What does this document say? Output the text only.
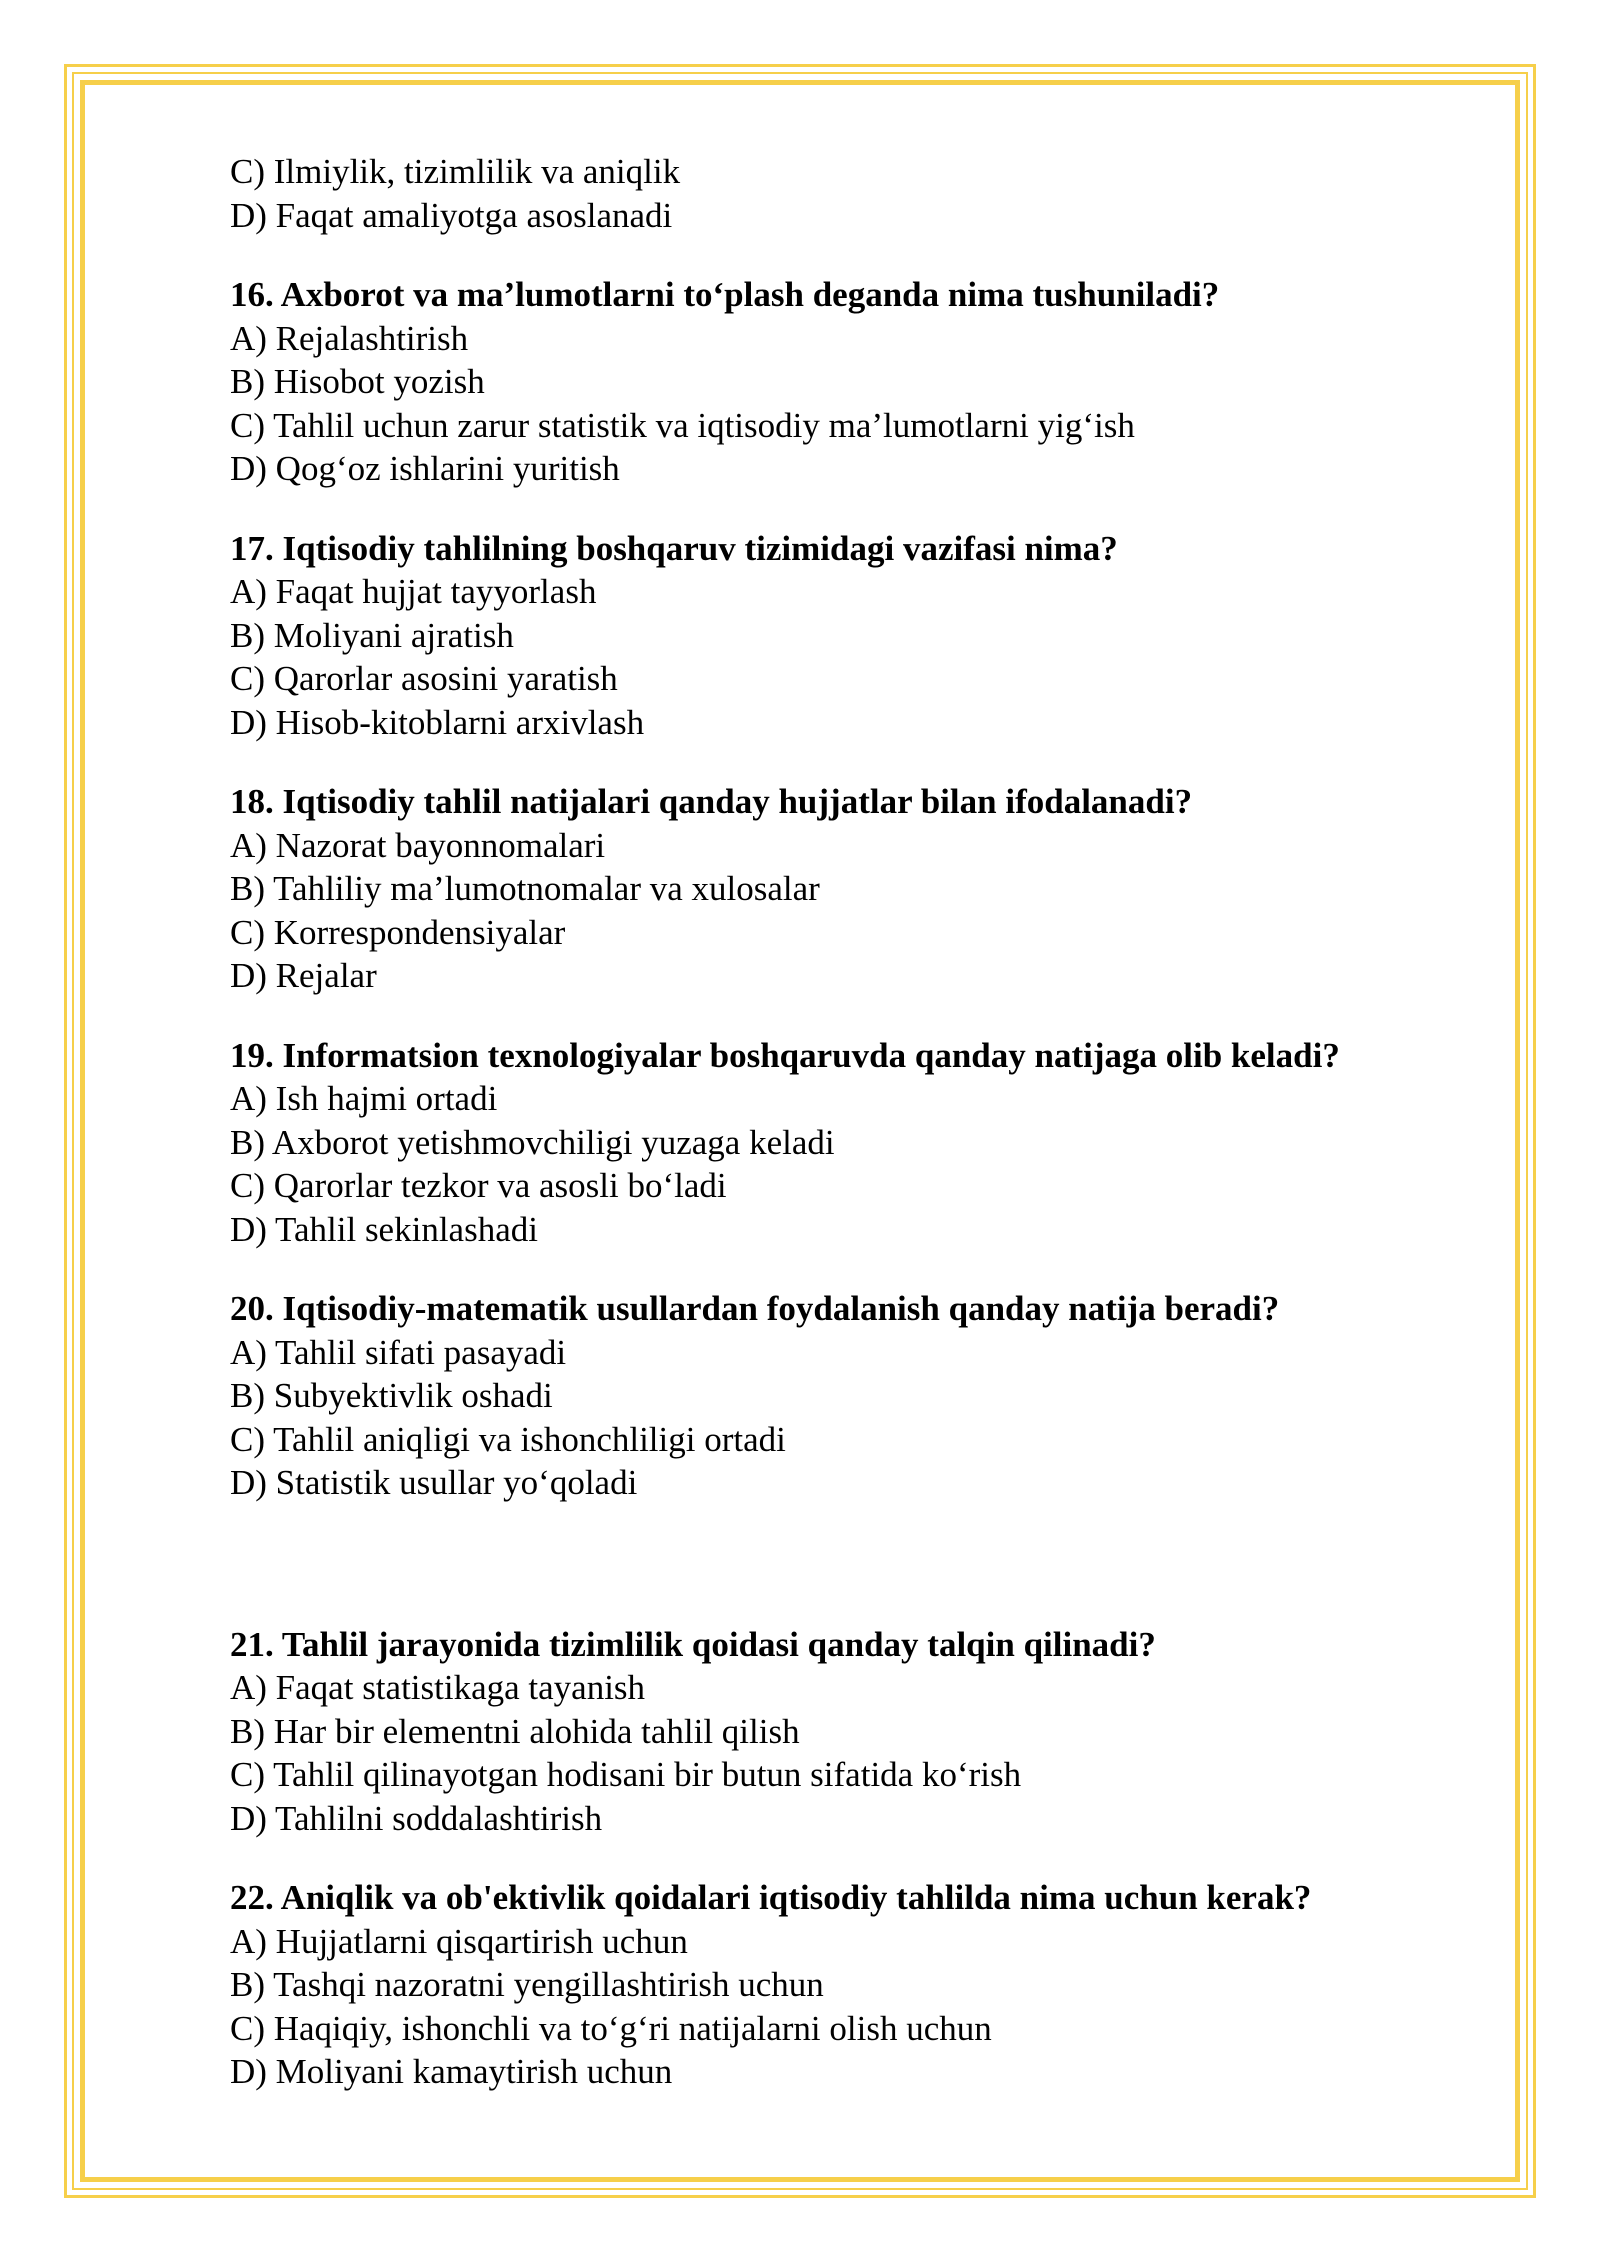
C) Ilmiylik, tizimlilik va aniqlik
D) Faqat amaliyotga asoslanadi
16. Axborot va ma’lumotlarni to‘plash deganda nima tushuniladi?
A) Rejalashtirish
B) Hisobot yozish
C) Tahlil uchun zarur statistik va iqtisodiy ma’lumotlarni yig‘ish
D) Qog‘oz ishlarini yuritish
17. Iqtisodiy tahlilning boshqaruv tizimidagi vazifasi nima?
A) Faqat hujjat tayyorlash
B) Moliyani ajratish
C) Qarorlar asosini yaratish
D) Hisob-kitoblarni arxivlash
18. Iqtisodiy tahlil natijalari qanday hujjatlar bilan ifodalanadi?
A) Nazorat bayonnomalari
B) Tahliliy ma’lumotnomalar va xulosalar
C) Korrespondensiyalar
D) Rejalar
19. Informatsion texnologiyalar boshqaruvda qanday natijaga olib keladi?
A) Ish hajmi ortadi
B) Axborot yetishmovchiligi yuzaga keladi
C) Qarorlar tezkor va asosli bo‘ladi
D) Tahlil sekinlashadi
20. Iqtisodiy-matematik usullardan foydalanish qanday natija beradi?
A) Tahlil sifati pasayadi
B) Subyektivlik oshadi
C) Tahlil aniqligi va ishonchliligi ortadi
D) Statistik usullar yo‘qoladi
21. Tahlil jarayonida tizimlilik qoidasi qanday talqin qilinadi?
A) Faqat statistikaga tayanish
B) Har bir elementni alohida tahlil qilish
C) Tahlil qilinayotgan hodisani bir butun sifatida ko‘rish
D) Tahlilni soddalashtirish
22. Aniqlik va ob'ektivlik qoidalari iqtisodiy tahlilda nima uchun kerak?
A) Hujjatlarni qisqartirish uchun
B) Tashqi nazoratni yengillashtirish uchun
C) Haqiqiy, ishonchli va to‘g‘ri natijalarni olish uchun
D) Moliyani kamaytirish uchun
